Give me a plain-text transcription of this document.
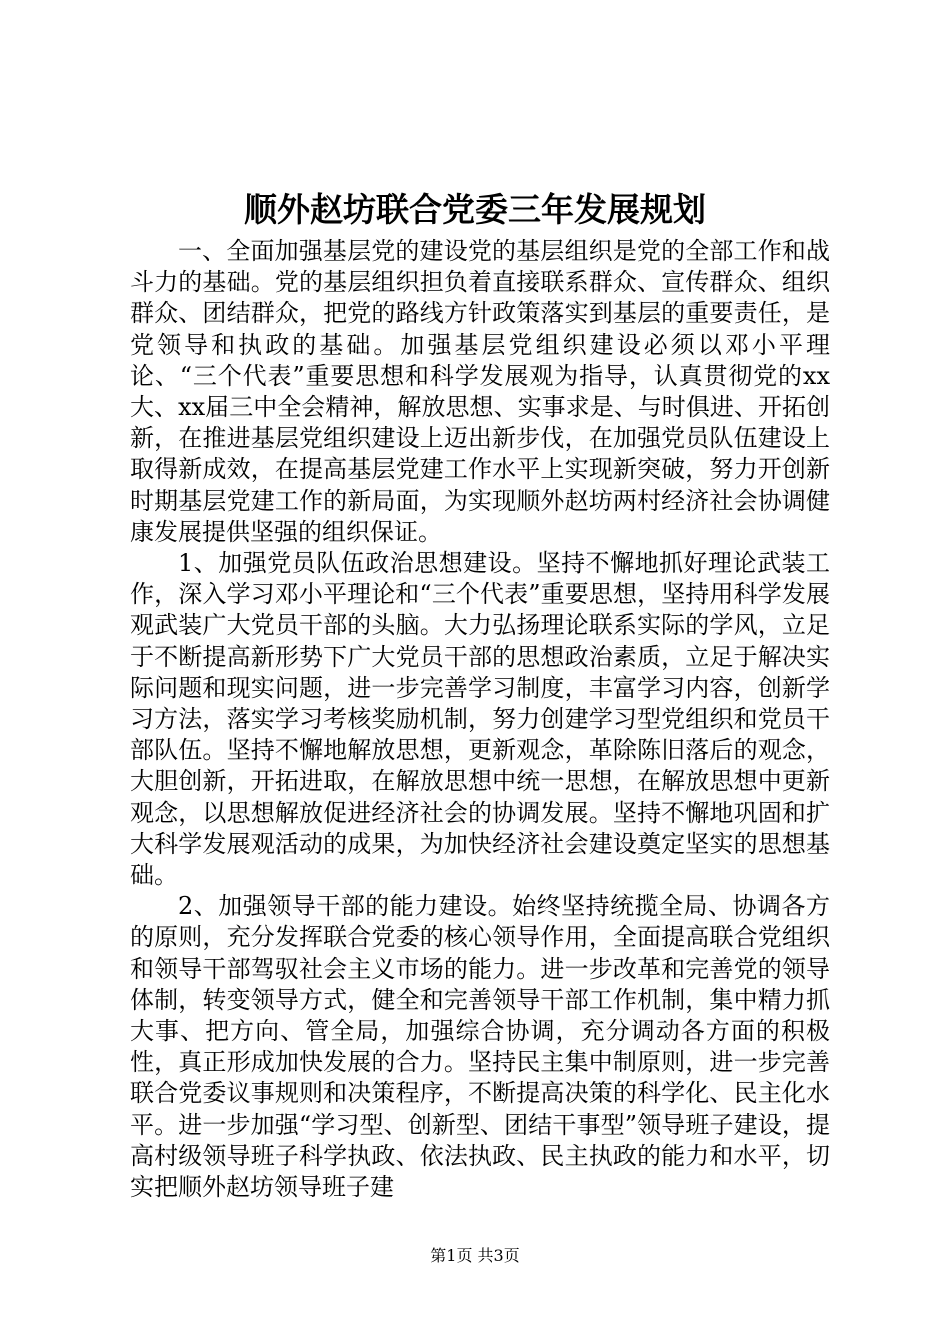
顺外赵坊联合党委三年发展规划

一、全面加强基层党的建设党的基层组织是党的全部工作和战斗力的基础。党的基层组织担负着直接联系群众、宣传群众、组织群众、团结群众，把党的路线方针政策落实到基层的重要责任，是党领导和执政的基础。加强基层党组织建设必须以邓小平理论、“三个代表”重要思想和科学发展观为指导，认真贯彻党的xx大、xx届三中全会精神，解放思想、实事求是、与时俱进、开拓创新，在推进基层党组织建设上迈出新步伐，在加强党员队伍建设上取得新成效，在提高基层党建工作水平上实现新突破，努力开创新时期基层党建工作的新局面，为实现顺外赵坊两村经济社会协调健康发展提供坚强的组织保证。

1、加强党员队伍政治思想建设。坚持不懈地抓好理论武装工作，深入学习邓小平理论和“三个代表”重要思想，坚持用科学发展观武装广大党员干部的头脑。大力弘扬理论联系实际的学风，立足于不断提高新形势下广大党员干部的思想政治素质，立足于解决实际问题和现实问题，进一步完善学习制度，丰富学习内容，创新学习方法，落实学习考核奖励机制，努力创建学习型党组织和党员干部队伍。坚持不懈地解放思想，更新观念，革除陈旧落后的观念，大胆创新，开拓进取，在解放思想中统一思想，在解放思想中更新观念，以思想解放促进经济社会的协调发展。坚持不懈地巩固和扩大科学发展观活动的成果，为加快经济社会建设奠定坚实的思想基础。

2、加强领导干部的能力建设。始终坚持统揽全局、协调各方的原则，充分发挥联合党委的核心领导作用，全面提高联合党组织和领导干部驾驭社会主义市场的能力。进一步改革和完善党的领导体制，转变领导方式，健全和完善领导干部工作机制，集中精力抓大事、把方向、管全局，加强综合协调，充分调动各方面的积极性，真正形成加快发展的合力。坚持民主集中制原则，进一步完善联合党委议事规则和决策程序，不断提高决策的科学化、民主化水平。进一步加强“学习型、创新型、团结干事型”领导班子建设，提高村级领导班子科学执政、依法执政、民主执政的能力和水平，切实把顺外赵坊领导班子建

第1页 共3页
